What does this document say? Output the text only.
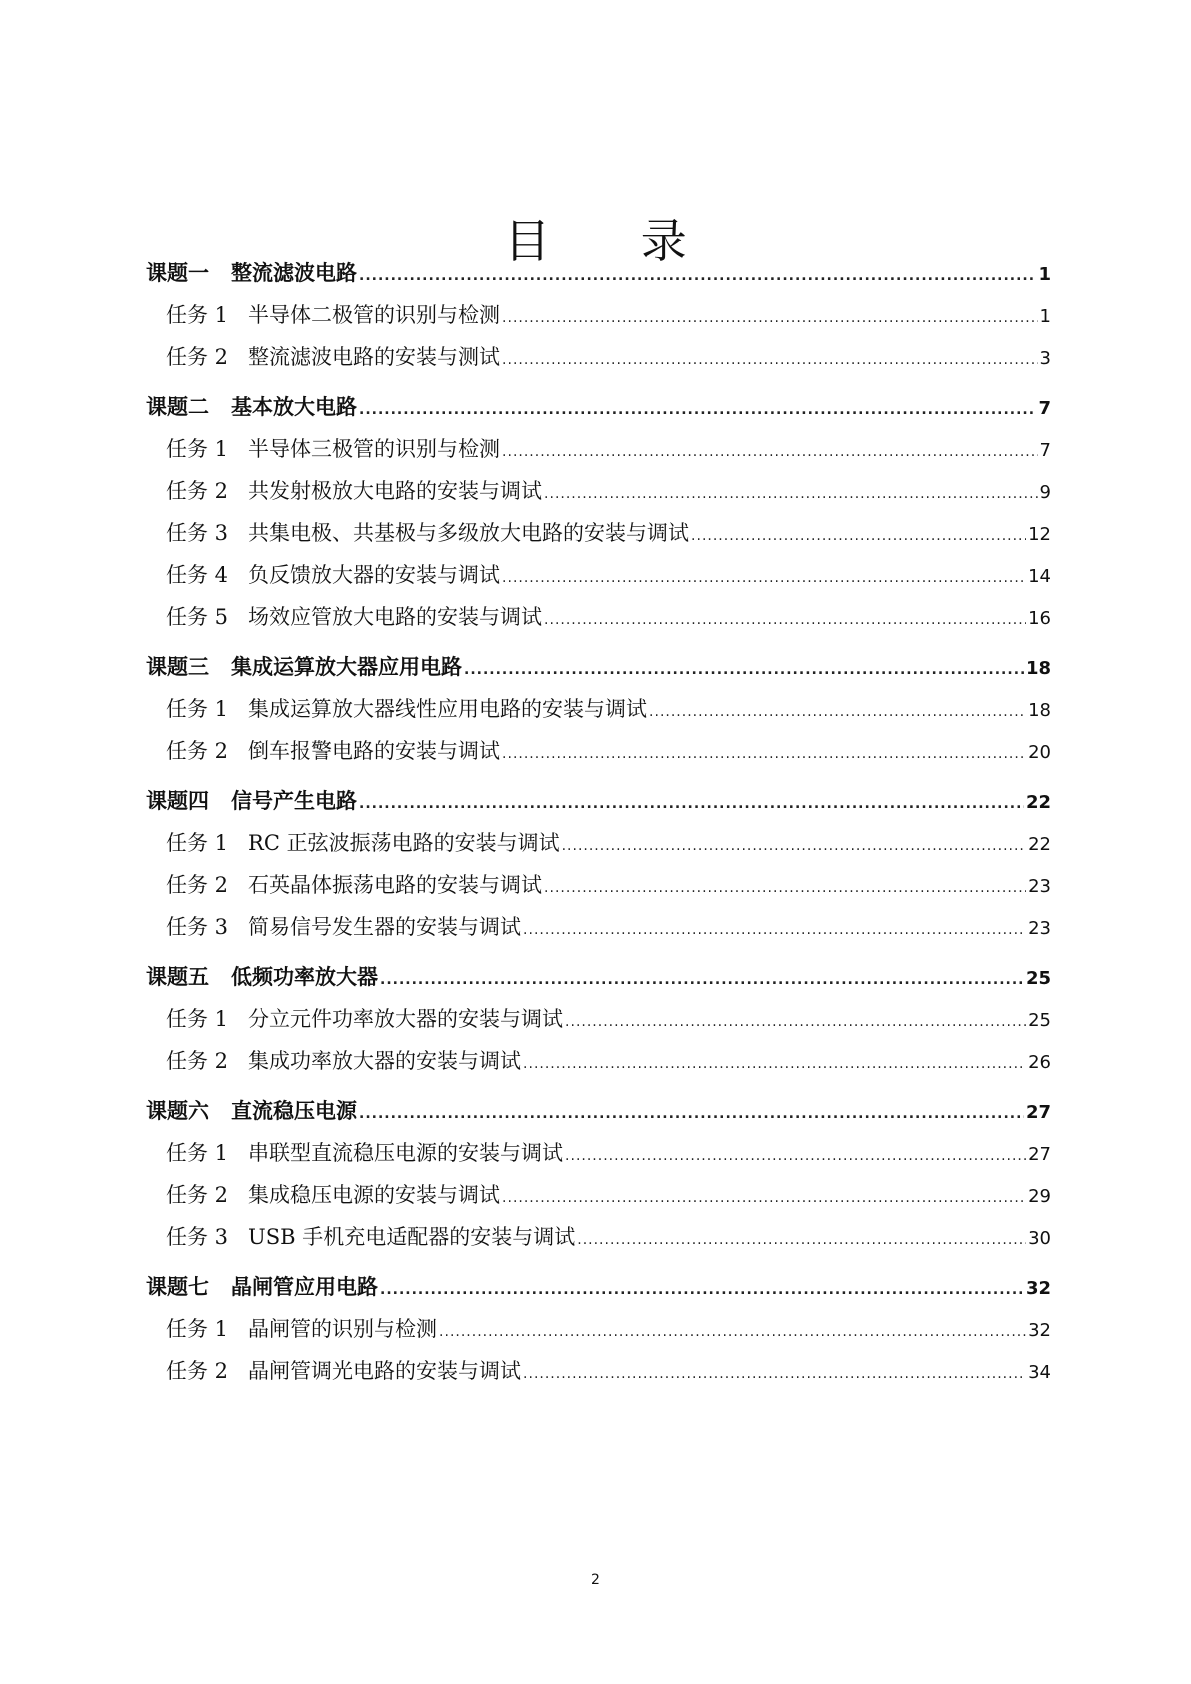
目 录
课题一 整流滤波电路 .....	1
任务 1 半导体二极管的识别与检测 .....	1
任务 2 整流滤波电路的安装与测试 .....	3
课题二 基本放大电路 .....	7
任务 1 半导体三极管的识别与检测 .....	7
任务 2 共发射极放大电路的安装与调试 .....	9
任务 3 共集电极、共基极与多级放大电路的安装与调试 .....	12
任务 4 负反馈放大器的安装与调试 .....	14
任务 5 场效应管放大电路的安装与调试 .....	16
课题三 集成运算放大器应用电路 .....	18
任务 1 集成运算放大器线性应用电路的安装与调试 .....	18
任务 2 倒车报警电路的安装与调试 .....	20
课题四 信号产生电路 .....	22
任务 1 RC 正弦波振荡电路的安装与调试 .....	22
任务 2 石英晶体振荡电路的安装与调试 .....	23
任务 3 简易信号发生器的安装与调试 .....	23
课题五 低频功率放大器 .....	25
任务 1 分立元件功率放大器的安装与调试 .....	25
任务 2 集成功率放大器的安装与调试 .....	26
课题六 直流稳压电源 .....	27
任务 1 串联型直流稳压电源的安装与调试 .....	27
任务 2 集成稳压电源的安装与调试 .....	29
任务 3 USB 手机充电适配器的安装与调试 .....	30
课题七 晶闸管应用电路 .....	32
任务 1 晶闸管的识别与检测 .....	32
任务 2 晶闸管调光电路的安装与调试 .....	34
2
